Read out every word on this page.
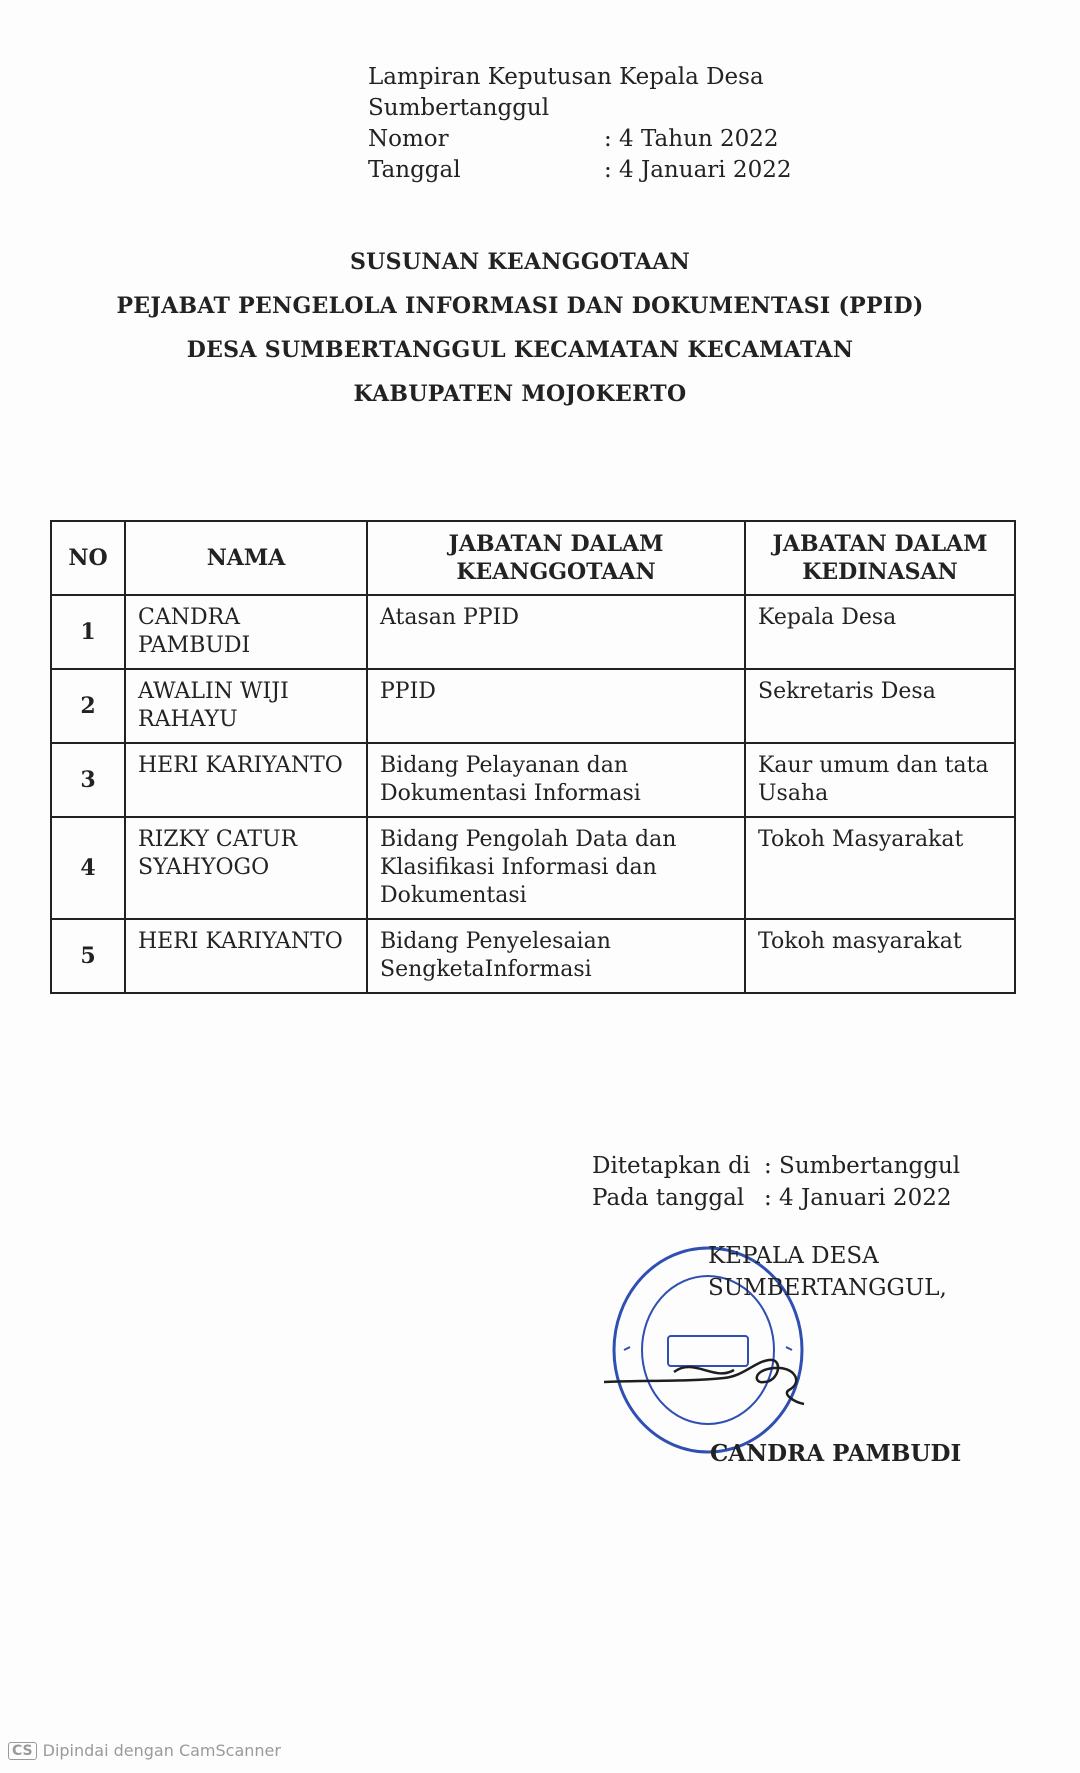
Lampiran Keputusan Kepala Desa
Sumbertanggul
Nomor	: 4 Tahun 2022
Tanggal	: 4 Januari 2022
SUSUNAN KEANGGOTAAN
PEJABAT PENGELOLA INFORMASI DAN DOKUMENTASI (PPID)
DESA SUMBERTANGGUL KECAMATAN KECAMATAN
KABUPATEN MOJOKERTO
NO	NAMA	JABATAN DALAM KEANGGOTAAN	JABATAN DALAM KEDINASAN
1	CANDRA PAMBUDI	Atasan PPID	Kepala Desa
2	AWALIN WIJI RAHAYU	PPID	Sekretaris Desa
3	HERI KARIYANTO	Bidang Pelayanan dan Dokumentasi Informasi	Kaur umum dan tata Usaha
4	RIZKY CATUR SYAHYOGO	Bidang Pengolah Data dan Klasifikasi Informasi dan Dokumentasi	Tokoh Masyarakat
5	HERI KARIYANTO	Bidang Penyelesaian SengketaInformasi	Tokoh masyarakat
Ditetapkan di : Sumbertanggul
Pada tanggal : 4 Januari 2022
KEPALA DESA
SUMBERTANGGUL,
CANDRA PAMBUDI
CS Dipindai dengan CamScanner
